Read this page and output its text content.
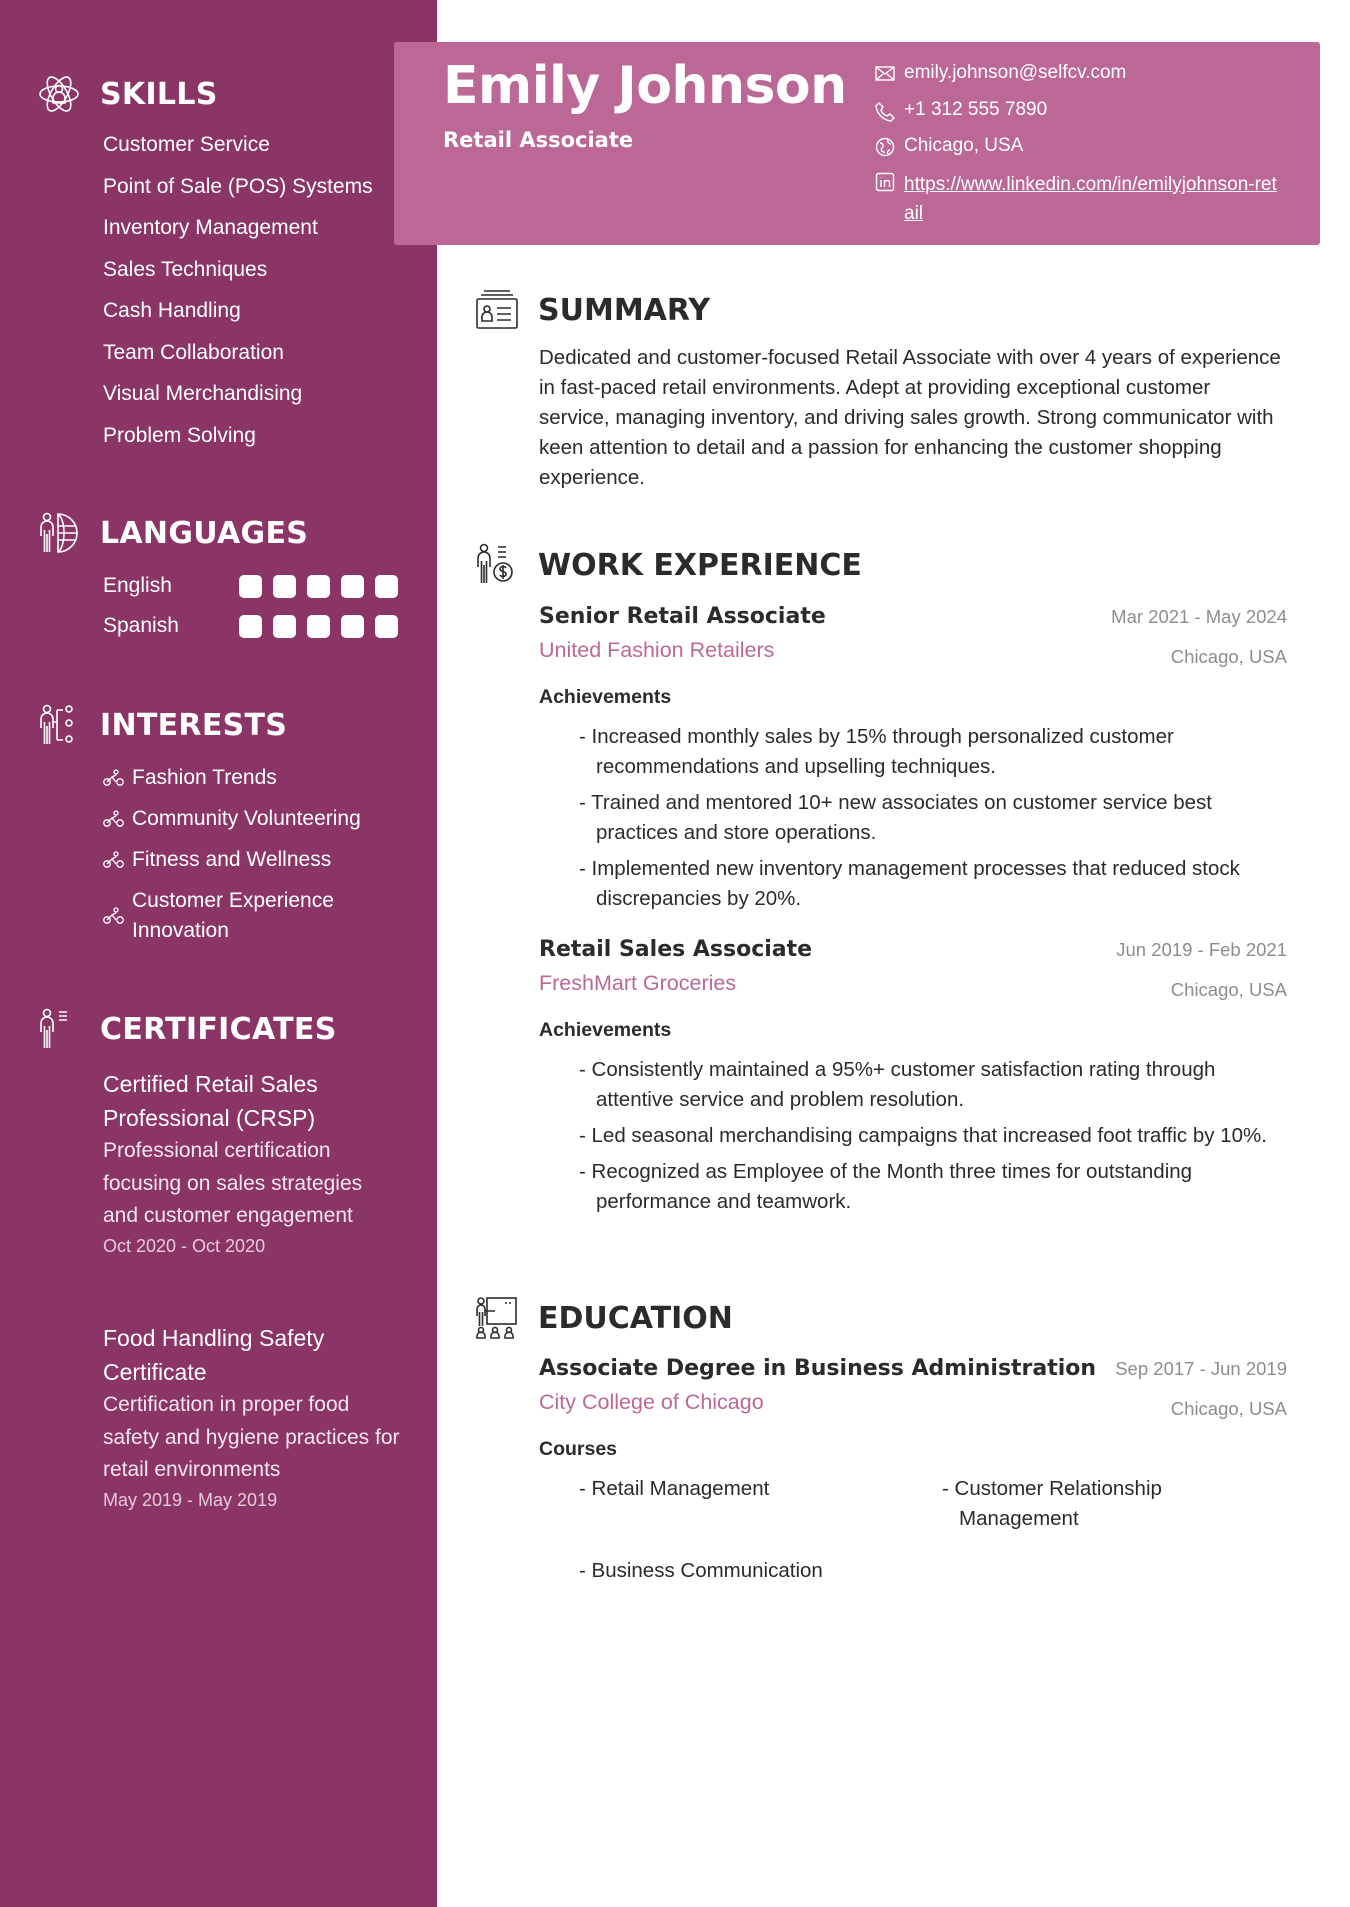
SKILLS
Customer Service
Point of Sale (POS) Systems
Inventory Management
Sales Techniques
Cash Handling
Team Collaboration
Visual Merchandising
Problem Solving
LANGUAGES
English
Spanish
INTERESTS
Fashion Trends
Community Volunteering
Fitness and Wellness
Customer Experience Innovation
CERTIFICATES
Certified Retail Sales Professional (CRSP)
Professional certification focusing on sales strategies and customer engagement
Oct 2020 - Oct 2020
Food Handling Safety Certificate
Certification in proper food safety and hygiene practices for retail environments
May 2019 - May 2019
Emily Johnson
Retail Associate
emily.johnson@selfcv.com
+1 312 555 7890
Chicago, USA
https://www.linkedin.com/in/emilyjohnson-retail
SUMMARY

Dedicated and customer-focused Retail Associate with over 4 years of experience in fast-paced retail environments. Adept at providing exceptional customer service, managing inventory, and driving sales growth. Strong communicator with keen attention to detail and a passion for enhancing the customer shopping experience.

WORK EXPERIENCE
Senior Retail Associate
United Fashion Retailers
Mar 2021 - May 2024
Chicago, USA
Achievements
- Increased monthly sales by 15% through personalized customer recommendations and upselling techniques.
- Trained and mentored 10+ new associates on customer service best practices and store operations.
- Implemented new inventory management processes that reduced stock discrepancies by 20%.
Retail Sales Associate
FreshMart Groceries
Jun 2019 - Feb 2021
Chicago, USA
Achievements
- Consistently maintained a 95%+ customer satisfaction rating through attentive service and problem resolution.
- Led seasonal merchandising campaigns that increased foot traffic by 10%.
- Recognized as Employee of the Month three times for outstanding performance and teamwork.
EDUCATION
Associate Degree in Business Administration
City College of Chicago
Sep 2017 - Jun 2019
Chicago, USA
Courses
- Retail Management	- Customer Relationship Management
- Business Communication
